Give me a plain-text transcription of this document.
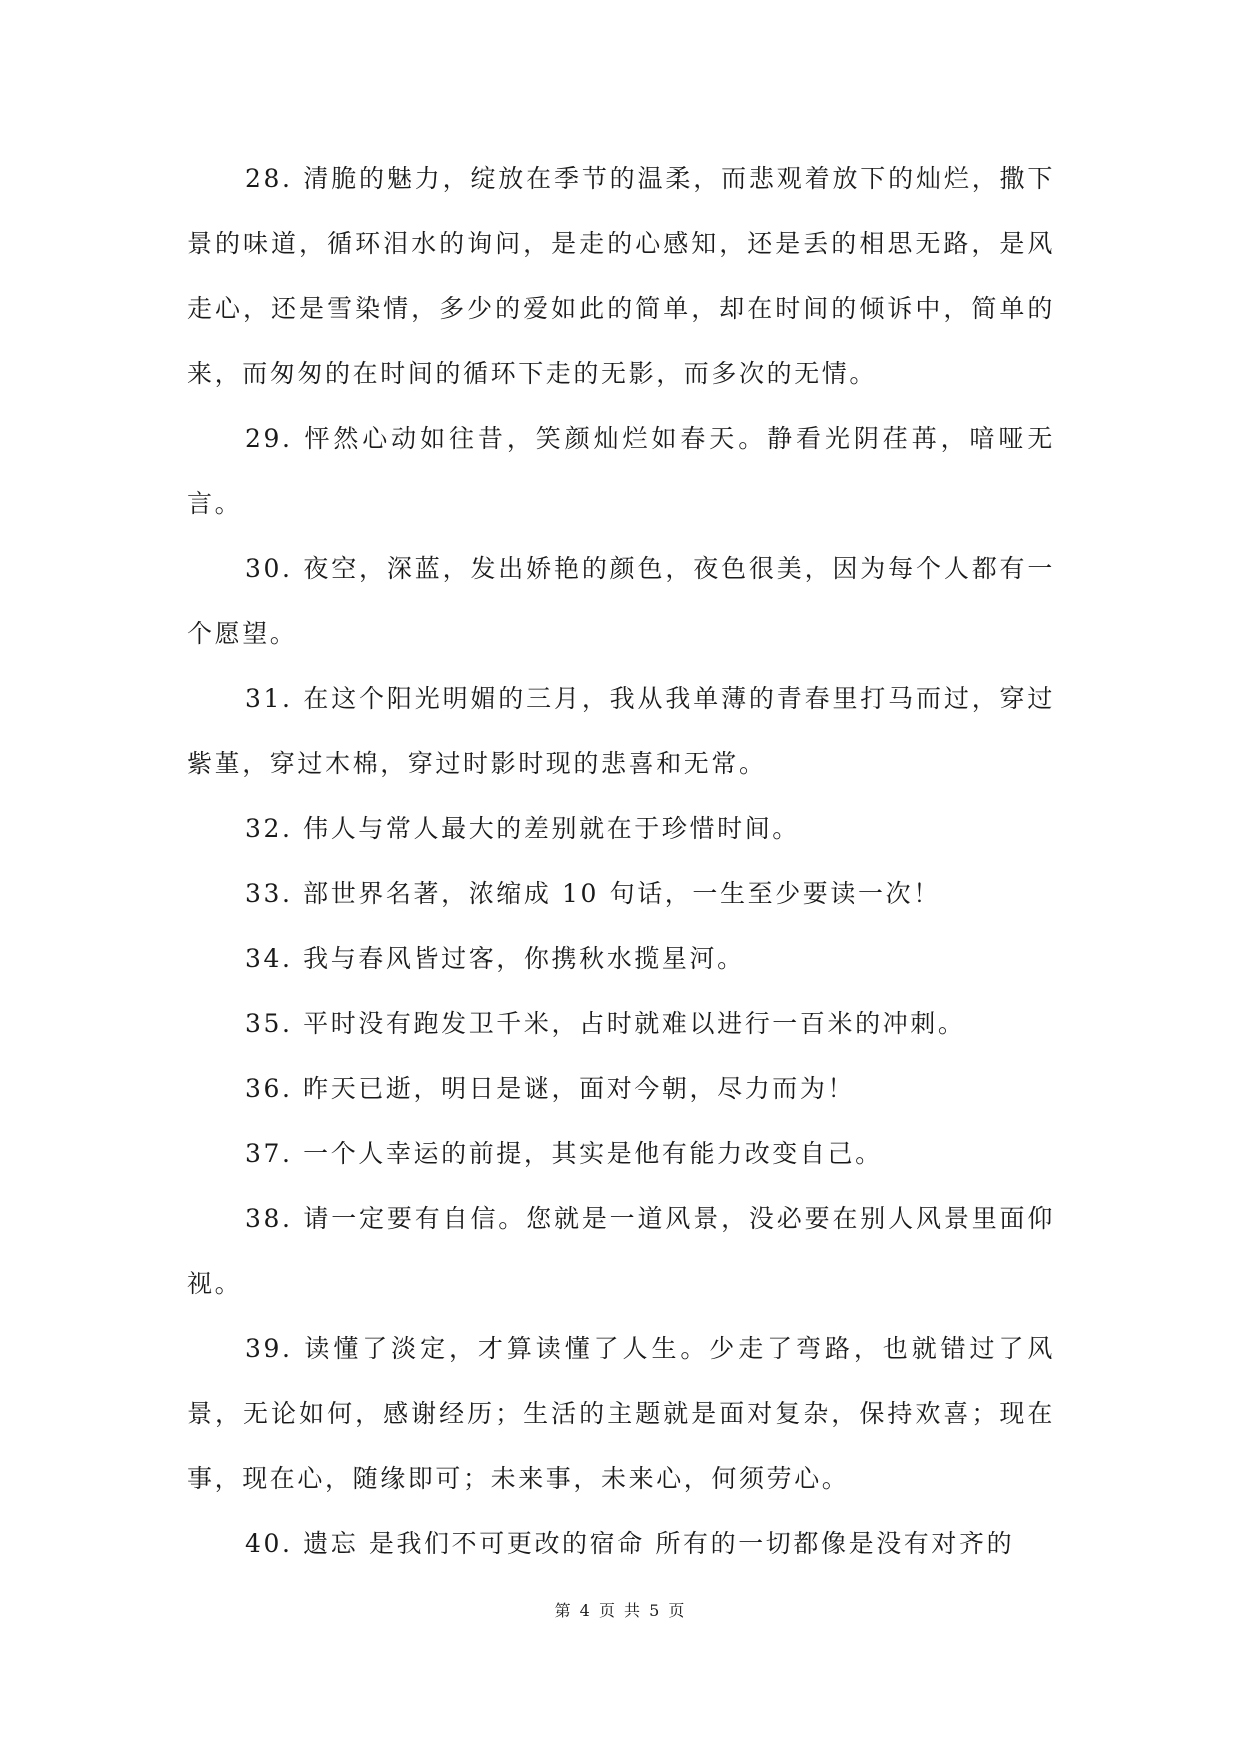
28. 清脆的魅力，绽放在季节的温柔，而悲观着放下的灿烂，撒下景的味道，循环泪水的询问，是走的心感知，还是丢的相思无路，是风走心，还是雪染情，多少的爱如此的简单，却在时间的倾诉中，简单的来，而匆匆的在时间的循环下走的无影，而多次的无情。

29. 怦然心动如往昔，笑颜灿烂如春天。静看光阴荏苒，喑哑无言。

30. 夜空，深蓝，发出娇艳的颜色，夜色很美，因为每个人都有一个愿望。

31. 在这个阳光明媚的三月，我从我单薄的青春里打马而过，穿过紫堇，穿过木棉，穿过时影时现的悲喜和无常。

32. 伟人与常人最大的差别就在于珍惜时间。

33. 部世界名著，浓缩成 10 句话，一生至少要读一次！

34. 我与春风皆过客，你携秋水揽星河。

35. 平时没有跑发卫千米，占时就难以进行一百米的冲刺。

36. 昨天已逝，明日是谜，面对今朝，尽力而为！

37. 一个人幸运的前提，其实是他有能力改变自己。

38. 请一定要有自信。您就是一道风景，没必要在别人风景里面仰视。

39. 读懂了淡定，才算读懂了人生。少走了弯路，也就错过了风景，无论如何，感谢经历；生活的主题就是面对复杂，保持欢喜；现在事，现在心，随缘即可；未来事，未来心，何须劳心。

40. 遗忘 是我们不可更改的宿命 所有的一切都像是没有对齐的

第 4 页 共 5 页
